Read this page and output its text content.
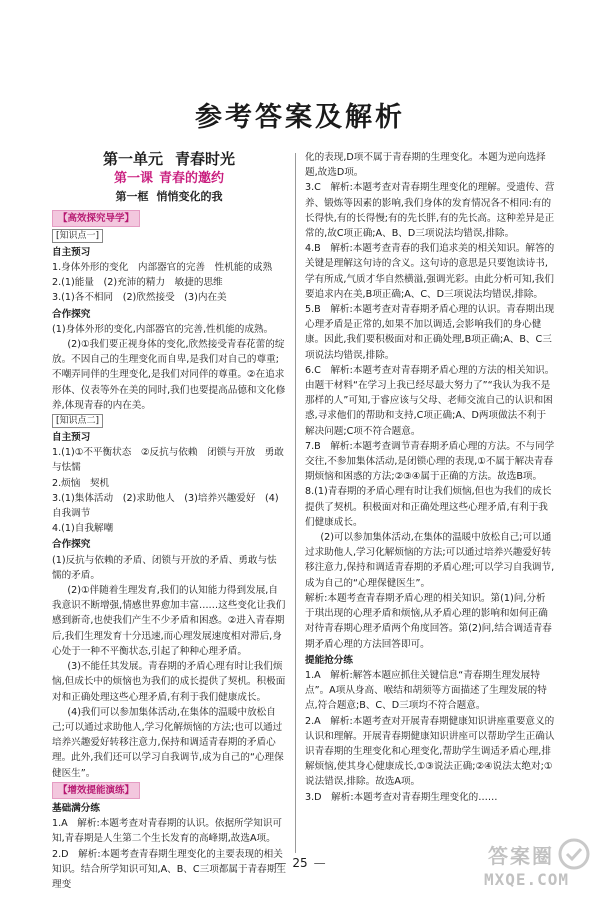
参考答案及解析
第一单元 青春时光
第一课 青春的邀约
第一框 悄悄变化的我
【高效探究导学】
[知识点一]

自主预习

1.身体外形的变化　内部器官的完善　性机能的成熟

2.(1)能量　(2)充沛的精力　敏捷的思维

3.(1)各不相同　(2)欣然接受　(3)内在美

合作探究

(1)身体外形的变化,内部器官的完善,性机能的成熟。

(2)①我们要正视身体的变化,欣然接受青春花蕾的绽放。不因自己的生理变化而自卑,是我们对自己的尊重;不嘲弄同伴的生理变化,是我们对同伴的尊重。②在追求形体、仪表等外在美的同时,我们也要提高品德和文化修养,体现青春的内在美。

[知识点二]

自主预习

1.(1)①不平衡状态　②反抗与依赖　闭锁与开放　勇敢与怯懦

2.烦恼　契机

3.(1)集体活动　(2)求助他人　(3)培养兴趣爱好　(4)自我调节

4.(1)自我解嘲

合作探究

(1)反抗与依赖的矛盾、闭锁与开放的矛盾、勇敢与怯懦的矛盾。

(2)①伴随着生理发育,我们的认知能力得到发展,自我意识不断增强,情感世界愈加丰富……这些变化让我们感到新奇,也使我们产生不少矛盾和困惑。②进入青春期后,我们生理发育十分迅速,而心理发展速度相对滞后,身心处于一种不平衡状态,引起了种种心理矛盾。

(3)不能任其发展。青春期的矛盾心理有时让我们烦恼,但成长中的烦恼也为我们的成长提供了契机。积极面对和正确处理这些心理矛盾,有利于我们健康成长。

(4)我们可以参加集体活动,在集体的温暖中放松自己;可以通过求助他人,学习化解烦恼的方法;也可以通过培养兴趣爱好转移注意力,保持和调适青春期的矛盾心理。此外,我们还可以学习自我调节,成为自己的“心理保健医生”。

【增效提能演练】

基础满分练

1.A　解析:本题考查对青春期的认识。依据所学知识可知,青春期是人生第二个生长发育的高峰期,故选A项。

2.D　解析:本题考查青春期生理变化的主要表现的相关知识。结合所学知识可知,A、B、C三项都属于青春期生理变

化的表现,D项不属于青春期的生理变化。本题为逆向选择题,故选D项。

3.C　解析:本题考查对青春期生理变化的理解。受遗传、营养、锻炼等因素的影响,我们身体的发育情况各不相同:有的长得快,有的长得慢;有的先长胖,有的先长高。这种差异是正常的,故C项正确;A、B、D三项说法均错误,排除。

4.B　解析:本题考查青春的我们追求美的相关知识。解答的关键是理解这句诗的含义。这句诗的意思是只要饱读诗书,学有所成,气质才华自然横溢,强调光彩。由此分析可知,我们要追求内在美,B项正确;A、C、D三项说法均错误,排除。

5.B　解析:本题考查对青春期矛盾心理的认识。青春期出现心理矛盾是正常的,如果不加以调适,会影响我们的身心健康。因此,我们要积极面对和正确处理,B项正确;A、B、C三项说法均错误,排除。

6.C　解析:本题考查对青春期矛盾心理的方法的相关知识。由题干材料“在学习上我已经尽最大努力了”“我认为我不是那样的人”可知,于睿应该与父母、老师交流自己的认识和困惑,寻求他们的帮助和支持,C项正确;A、D两项做法不利于解决问题;C项不符合题意。

7.B　解析:本题考查调节青春期矛盾心理的方法。不与同学交往,不参加集体活动,是闭锁心理的表现,①不属于解决青春期烦恼和困惑的方法;②③④属于正确的方法。故选B项。

8.(1)青春期的矛盾心理有时让我们烦恼,但也为我们的成长提供了契机。积极面对和正确处理这些心理矛盾,有利于我们健康成长。

(2)可以参加集体活动,在集体的温暖中放松自己;可以通过求助他人,学习化解烦恼的方法;可以通过培养兴趣爱好转移注意力,保持和调适青春期的矛盾心理;可以学习自我调节,成为自己的“心理保健医生”。

解析:本题考查青春期矛盾心理的相关知识。第(1)问,分析于琪出现的心理矛盾和烦恼,从矛盾心理的影响和如何正确对待青春期心理矛盾两个角度回答。第(2)问,结合调适青春期矛盾心理的方法回答即可。

提能抢分练

1.A　解析:解答本题应抓住关键信息“青春期生理发展特点”。A项从身高、喉结和胡须等方面描述了生理发展的特点,符合题意;B、C、D三项均不符合题意。

2.A　解析:本题考查对开展青春期健康知识讲座重要意义的认识和理解。开展青春期健康知识讲座可以帮助学生正确认识青春期的生理变化和心理变化,帮助学生调适矛盾心理,排解烦恼,使其身心健康成长,①③说法正确;②④说法太绝对;①说法错误,排除。故选A项。

3.D　解析:本题考查对青春期生理变化的……

— 25 —	答案圈
MXQE.COM
